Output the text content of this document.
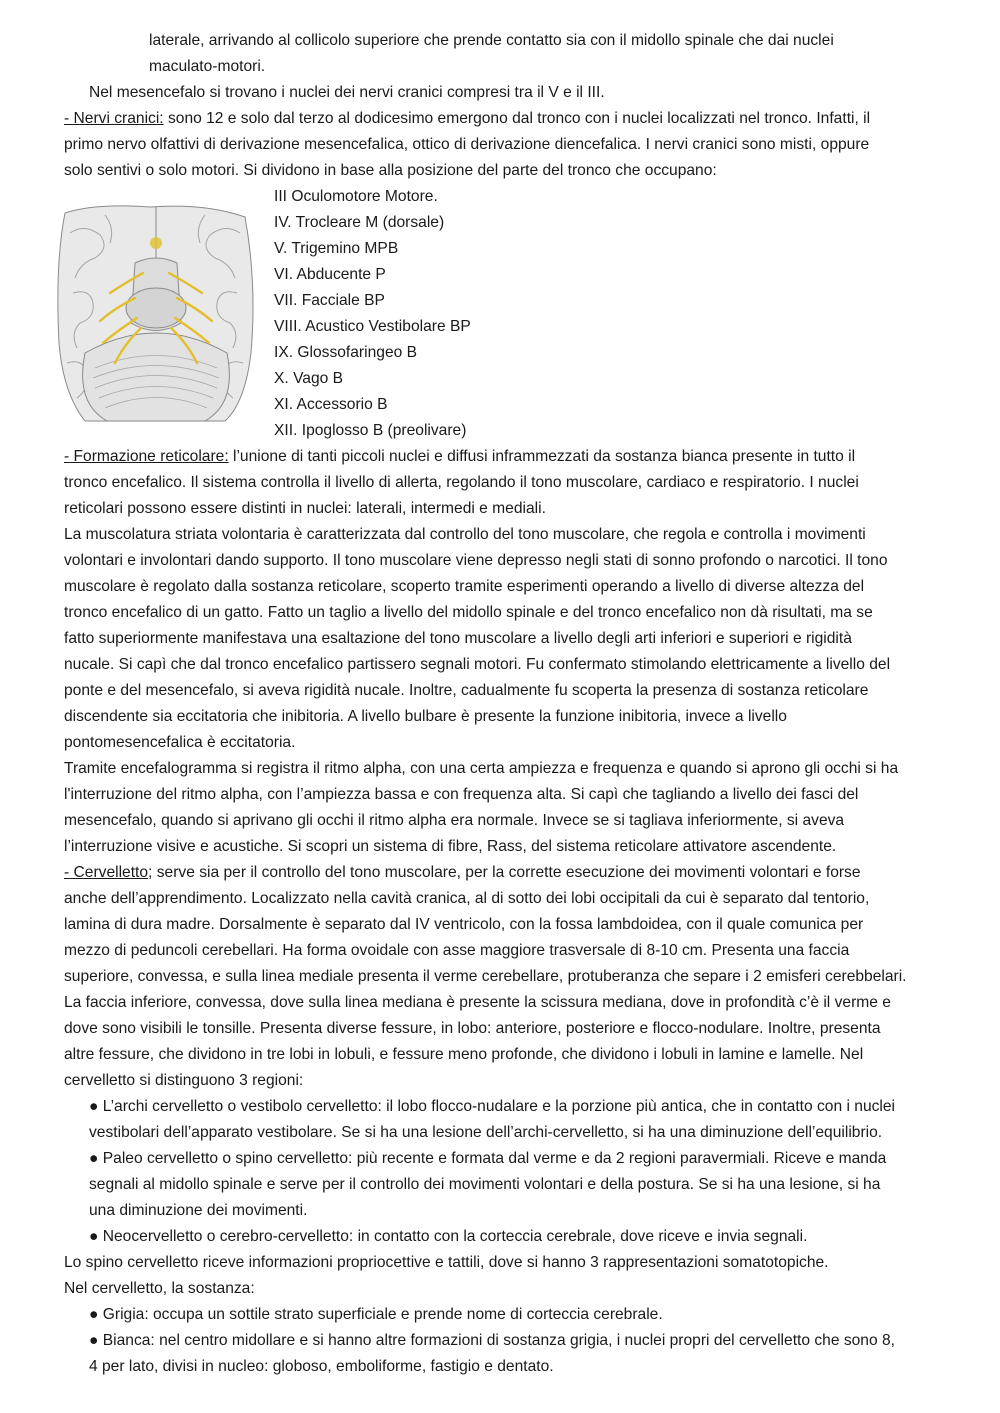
laterale, arrivando al collicolo superiore che prende contatto sia con il midollo spinale che dai nuclei
maculato-motori.
Nel mesencefalo si trovano i nuclei dei nervi cranici compresi tra il V e il III.
- Nervi cranici: sono 12 e solo dal terzo al dodicesimo emergono dal tronco con i nuclei localizzati nel tronco. Infatti, il
primo nervo olfattivi di derivazione mesencefalica, ottico di derivazione diencefalica. I nervi cranici sono misti, oppure
solo sentivi o solo motori. Si dividono in base alla posizione del parte del tronco che occupano:
III Oculomotore Motore.
IV. Trocleare M (dorsale)
V. Trigemino MPB
VI. Abducente P
VII. Facciale BP
VIII. Acustico Vestibolare BP
IX. Glossofaringeo B
X. Vago B
XI. Accessorio B
XII. Ipoglosso B (preolivare)
- Formazione reticolare: l’unione di tanti piccoli nuclei e diffusi inframmezzati da sostanza bianca presente in tutto il
tronco encefalico. Il sistema controlla il livello di allerta, regolando il tono muscolare, cardiaco e respiratorio. I nuclei
reticolari possono essere distinti in nuclei: laterali, intermedi e mediali.
La muscolatura striata volontaria è caratterizzata dal controllo del tono muscolare, che regola e controlla i movimenti
volontari e involontari dando supporto. Il tono muscolare viene depresso negli stati di sonno profondo o narcotici. Il tono
muscolare è regolato dalla sostanza reticolare, scoperto tramite esperimenti operando a livello di diverse altezza del
tronco encefalico di un gatto. Fatto un taglio a livello del midollo spinale e del tronco encefalico non dà risultati, ma se
fatto superiormente manifestava una esaltazione del tono muscolare a livello degli arti inferiori e superiori e rigidità
nucale. Si capì che dal tronco encefalico partissero segnali motori. Fu confermato stimolando elettricamente a livello del
ponte e del mesencefalo, si aveva rigidità nucale. Inoltre, cadualmente fu scoperta la presenza di sostanza reticolare
discendente sia eccitatoria che inibitoria. A livello bulbare è presente la funzione inibitoria, invece a livello
pontomesencefalica è eccitatoria.
Tramite encefalogramma si registra il ritmo alpha, con una certa ampiezza e frequenza e quando si aprono gli occhi si ha
l'interruzione del ritmo alpha, con l’ampiezza bassa e con frequenza alta. Si capì che tagliando a livello dei fasci del
mesencefalo, quando si aprivano gli occhi il ritmo alpha era normale. Invece se si tagliava inferiormente, si aveva
l’interruzione visive e acustiche. Si scopri un sistema di fibre, Rass, del sistema reticolare attivatore ascendente.
- Cervelletto; serve sia per il controllo del tono muscolare, per la corrette esecuzione dei movimenti volontari e forse
anche dell’apprendimento. Localizzato nella cavità cranica, al di sotto dei lobi occipitali da cui è separato dal tentorio,
lamina di dura madre. Dorsalmente è separato dal IV ventricolo, con la fossa lambdoidea, con il quale comunica per
mezzo di peduncoli cerebellari. Ha forma ovoidale con asse maggiore trasversale di 8-10 cm. Presenta una faccia
superiore, convessa, e sulla linea mediale presenta il verme cerebellare, protuberanza che separe i 2 emisferi cerebbelari.
La faccia inferiore, convessa, dove sulla linea mediana è presente la scissura mediana, dove in profondità c’è il verme e
dove sono visibili le tonsille. Presenta diverse fessure, in lobo: anteriore, posteriore e flocco-nodulare. Inoltre, presenta
altre fessure, che dividono in tre lobi in lobuli, e fessure meno profonde, che dividono i lobuli in lamine e lamelle. Nel
cervelletto si distinguono 3 regioni:
● L’archi cervelletto o vestibolo cervelletto: il lobo flocco-nudalare e la porzione più antica, che in contatto con i nuclei
vestibolari dell’apparato vestibolare. Se si ha una lesione dell’archi-cervelletto, si ha una diminuzione dell’equilibrio.
● Paleo cervelletto o spino cervelletto: più recente e formata dal verme e da 2 regioni paravermiali. Riceve e manda
segnali al midollo spinale e serve per il controllo dei movimenti volontari e della postura. Se si ha una lesione, si ha
una diminuzione dei movimenti.
● Neocervelletto o cerebro-cervelletto: in contatto con la corteccia cerebrale, dove riceve e invia segnali.
Lo spino cervelletto riceve informazioni propriocettive e tattili, dove si hanno 3 rappresentazioni somatotopiche.
Nel cervelletto, la sostanza:
● Grigia: occupa un sottile strato superficiale e prende nome di corteccia cerebrale.
● Bianca: nel centro midollare e si hanno altre formazioni di sostanza grigia, i nuclei propri del cervelletto che sono 8,
4 per lato, divisi in nucleo: globoso, emboliforme, fastigio e dentato.
